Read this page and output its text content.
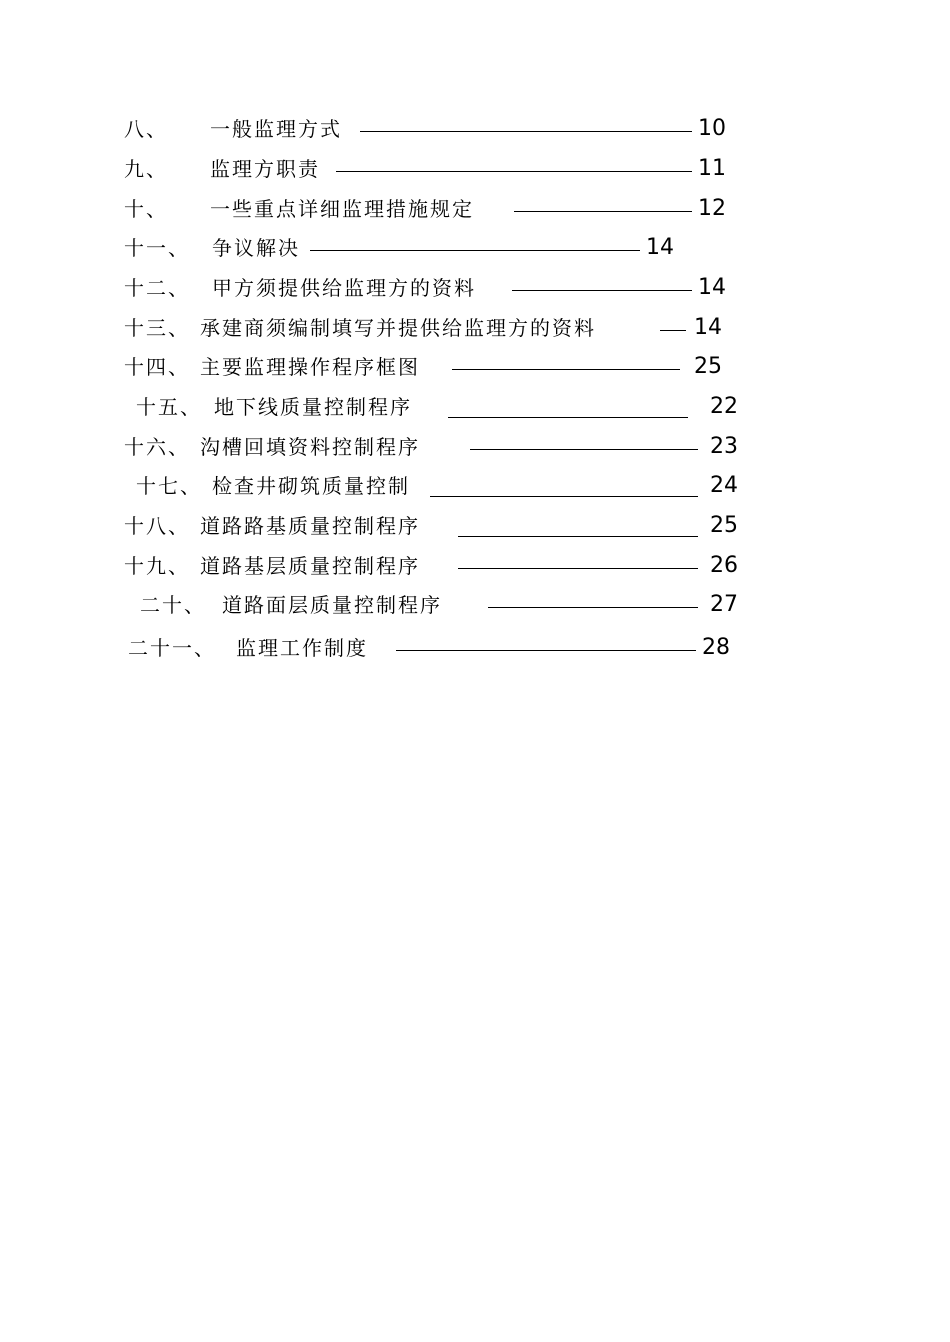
八、 一般监理方式	10
九、 监理方职责	11
十、 一些重点详细监理措施规定	12
十一、 争议解决	14
十二、 甲方须提供给监理方的资料	14
十三、 承建商须编制填写并提供给监理方的资料	14
十四、 主要监理操作程序框图	25
十五、 地下线质量控制程序	22
十六、 沟槽回填资料控制程序	23
十七、 检查井砌筑质量控制	24
十八、 道路路基质量控制程序	25
十九、 道路基层质量控制程序	26
二十、 道路面层质量控制程序	27
二十一、 监理工作制度	28
